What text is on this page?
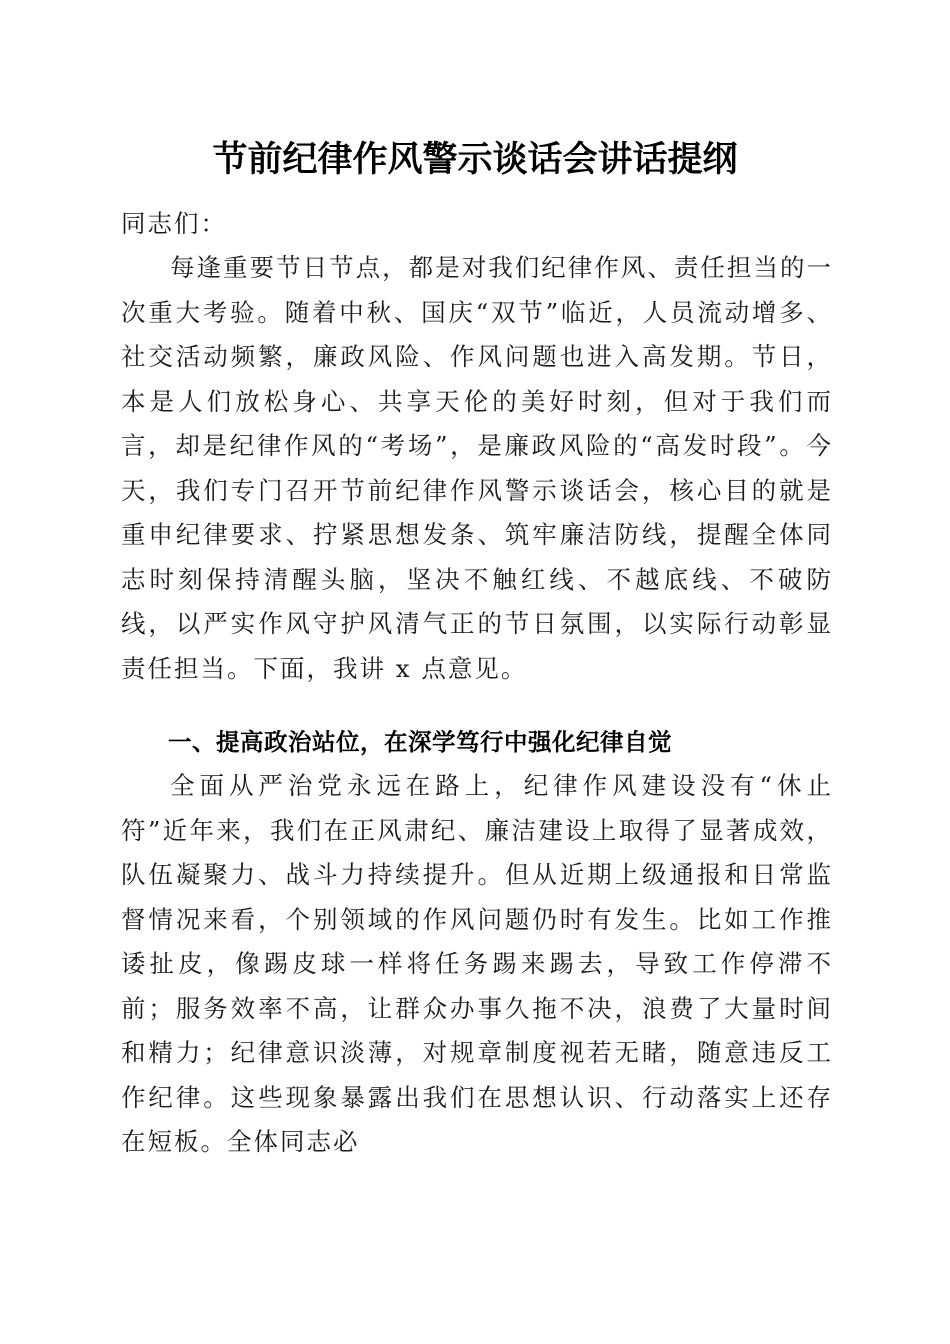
节前纪律作风警示谈话会讲话提纲
同志们：
每逢重要节日节点，都是对我们纪律作风、责任担当的一次重大考验。随着中秋、国庆“双节”临近，人员流动增多、社交活动频繁，廉政风险、作风问题也进入高发期。节日，本是人们放松身心、共享天伦的美好时刻，但对于我们而言，却是纪律作风的“考场”，是廉政风险的“高发时段”。今天，我们专门召开节前纪律作风警示谈话会，核心目的就是重申纪律要求、拧紧思想发条、筑牢廉洁防线，提醒全体同志时刻保持清醒头脑，坚决不触红线、不越底线、不破防线，以严实作风守护风清气正的节日氛围，以实际行动彰显责任担当。下面，我讲 x 点意见。
一、提高政治站位，在深学笃行中强化纪律自觉
全面从严治党永远在路上，纪律作风建设没有“休止符”近年来，我们在正风肃纪、廉洁建设上取得了显著成效，队伍凝聚力、战斗力持续提升。但从近期上级通报和日常监督情况来看，个别领域的作风问题仍时有发生。比如工作推诿扯皮，像踢皮球一样将任务踢来踢去，导致工作停滞不前；服务效率不高，让群众办事久拖不决，浪费了大量时间和精力；纪律意识淡薄，对规章制度视若无睹，随意违反工作纪律。这些现象暴露出我们在思想认识、行动落实上还存在短板。全体同志必
